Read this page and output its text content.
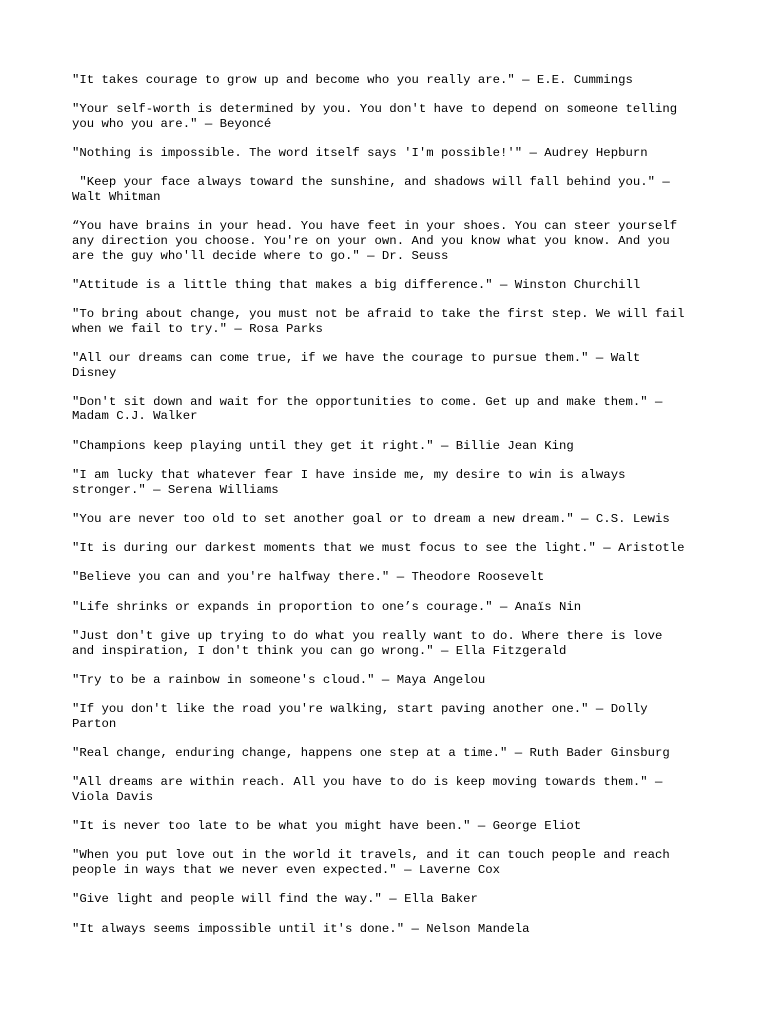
"It takes courage to grow up and become who you really are." — E.E. Cummings

"Your self-worth is determined by you. You don't have to depend on someone telling
you who you are." — Beyoncé

"Nothing is impossible. The word itself says 'I'm possible!'" — Audrey Hepburn

"Keep your face always toward the sunshine, and shadows will fall behind you." —
Walt Whitman

“You have brains in your head. You have feet in your shoes. You can steer yourself
any direction you choose. You're on your own. And you know what you know. And you
are the guy who'll decide where to go." — Dr. Seuss

"Attitude is a little thing that makes a big difference." — Winston Churchill

"To bring about change, you must not be afraid to take the first step. We will fail
when we fail to try." — Rosa Parks

"All our dreams can come true, if we have the courage to pursue them." — Walt
Disney

"Don't sit down and wait for the opportunities to come. Get up and make them." —
Madam C.J. Walker

"Champions keep playing until they get it right." — Billie Jean King

"I am lucky that whatever fear I have inside me, my desire to win is always
stronger." — Serena Williams

"You are never too old to set another goal or to dream a new dream." — C.S. Lewis

"It is during our darkest moments that we must focus to see the light." — Aristotle

"Believe you can and you're halfway there." — Theodore Roosevelt

"Life shrinks or expands in proportion to one’s courage." — Anaïs Nin

"Just don't give up trying to do what you really want to do. Where there is love
and inspiration, I don't think you can go wrong." — Ella Fitzgerald

"Try to be a rainbow in someone's cloud." — Maya Angelou

"If you don't like the road you're walking, start paving another one." — Dolly
Parton

"Real change, enduring change, happens one step at a time." — Ruth Bader Ginsburg

"All dreams are within reach. All you have to do is keep moving towards them." —
Viola Davis

"It is never too late to be what you might have been." — George Eliot

"When you put love out in the world it travels, and it can touch people and reach
people in ways that we never even expected." — Laverne Cox

"Give light and people will find the way." — Ella Baker

"It always seems impossible until it's done." — Nelson Mandela
